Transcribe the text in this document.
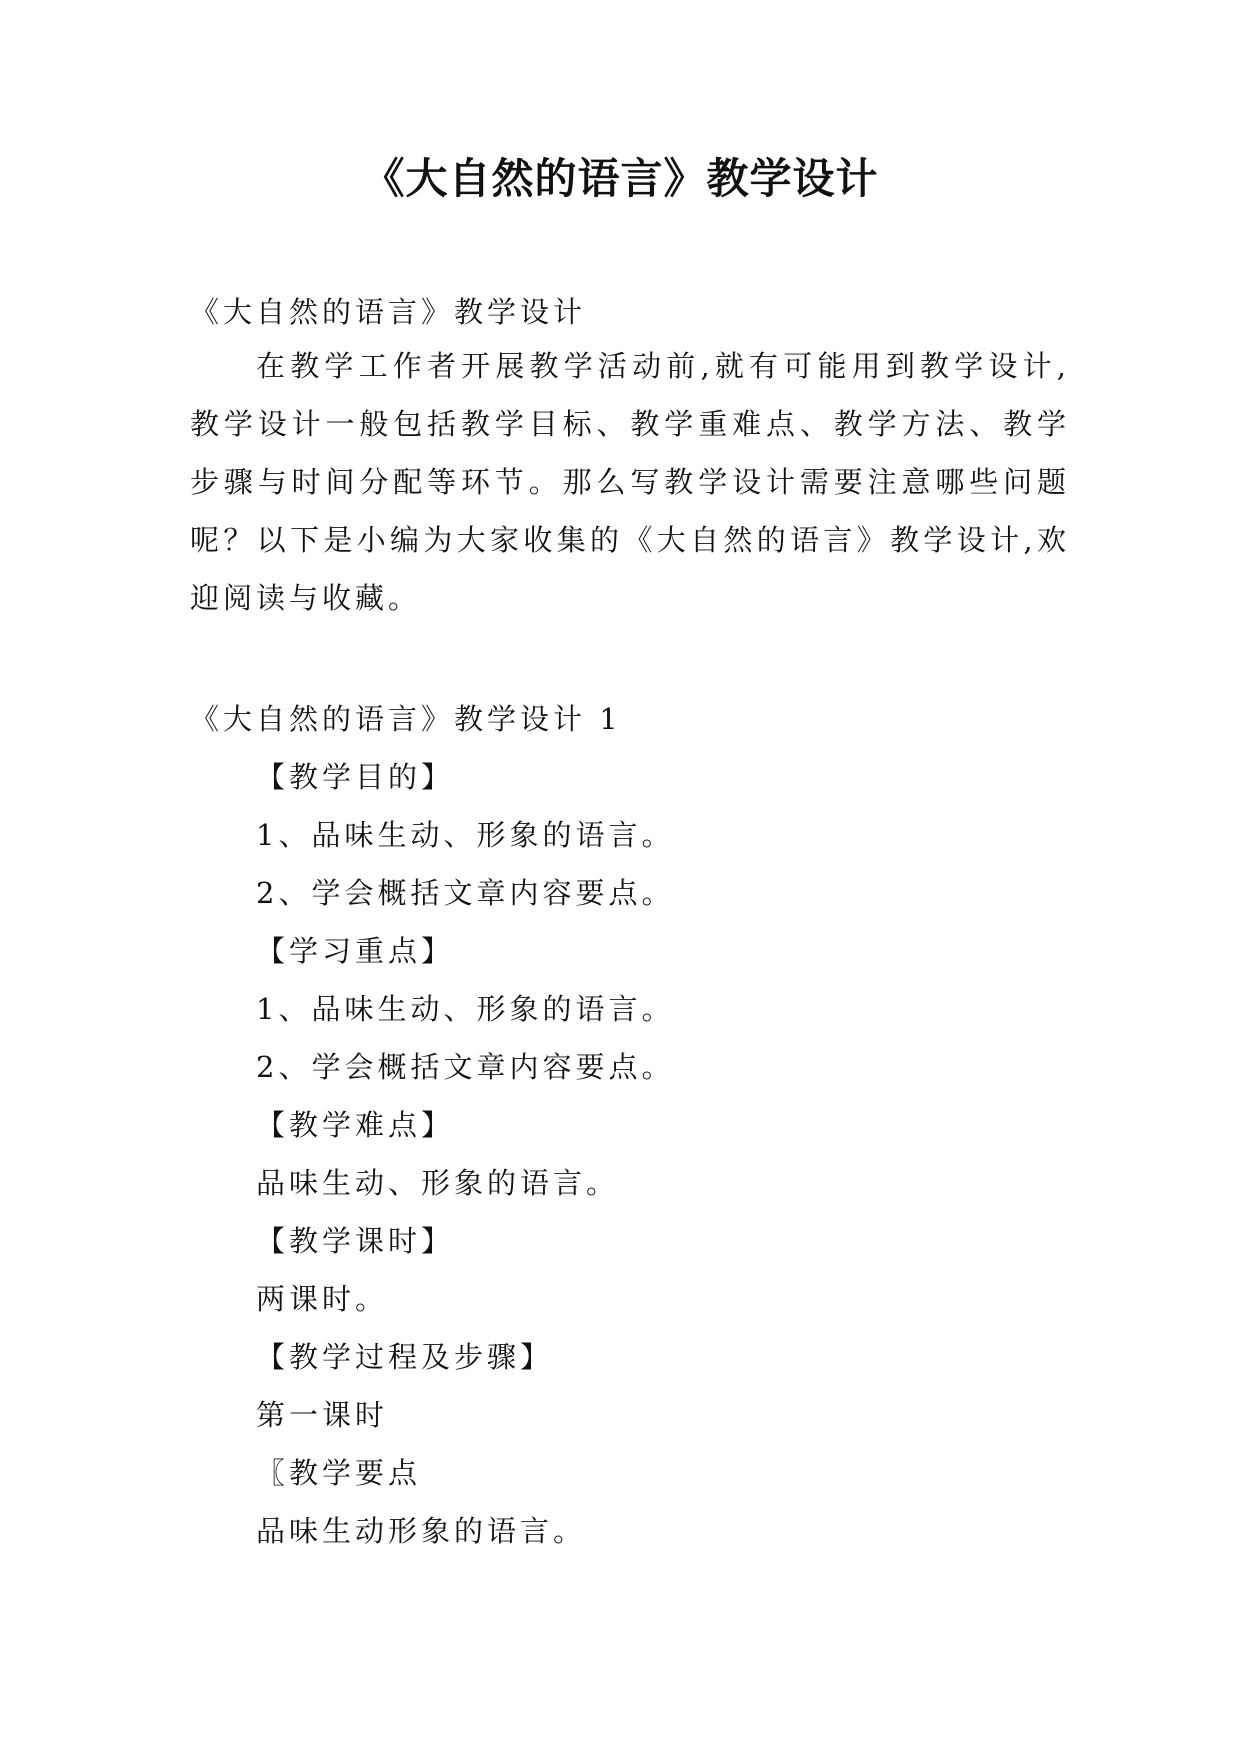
《大自然的语言》教学设计
《大自然的语言》教学设计
在教学工作者开展教学活动前,就有可能用到教学设计,教学设计一般包括教学目标、教学重难点、教学方法、教学步骤与时间分配等环节。那么写教学设计需要注意哪些问题呢？以下是小编为大家收集的《大自然的语言》教学设计,欢迎阅读与收藏。
《大自然的语言》教学设计 1
【教学目的】
1、品味生动、形象的语言。
2、学会概括文章内容要点。
【学习重点】
1、品味生动、形象的语言。
2、学会概括文章内容要点。
【教学难点】
品味生动、形象的语言。
【教学课时】
两课时。
【教学过程及步骤】
第一课时
〖教学要点
品味生动形象的语言。
